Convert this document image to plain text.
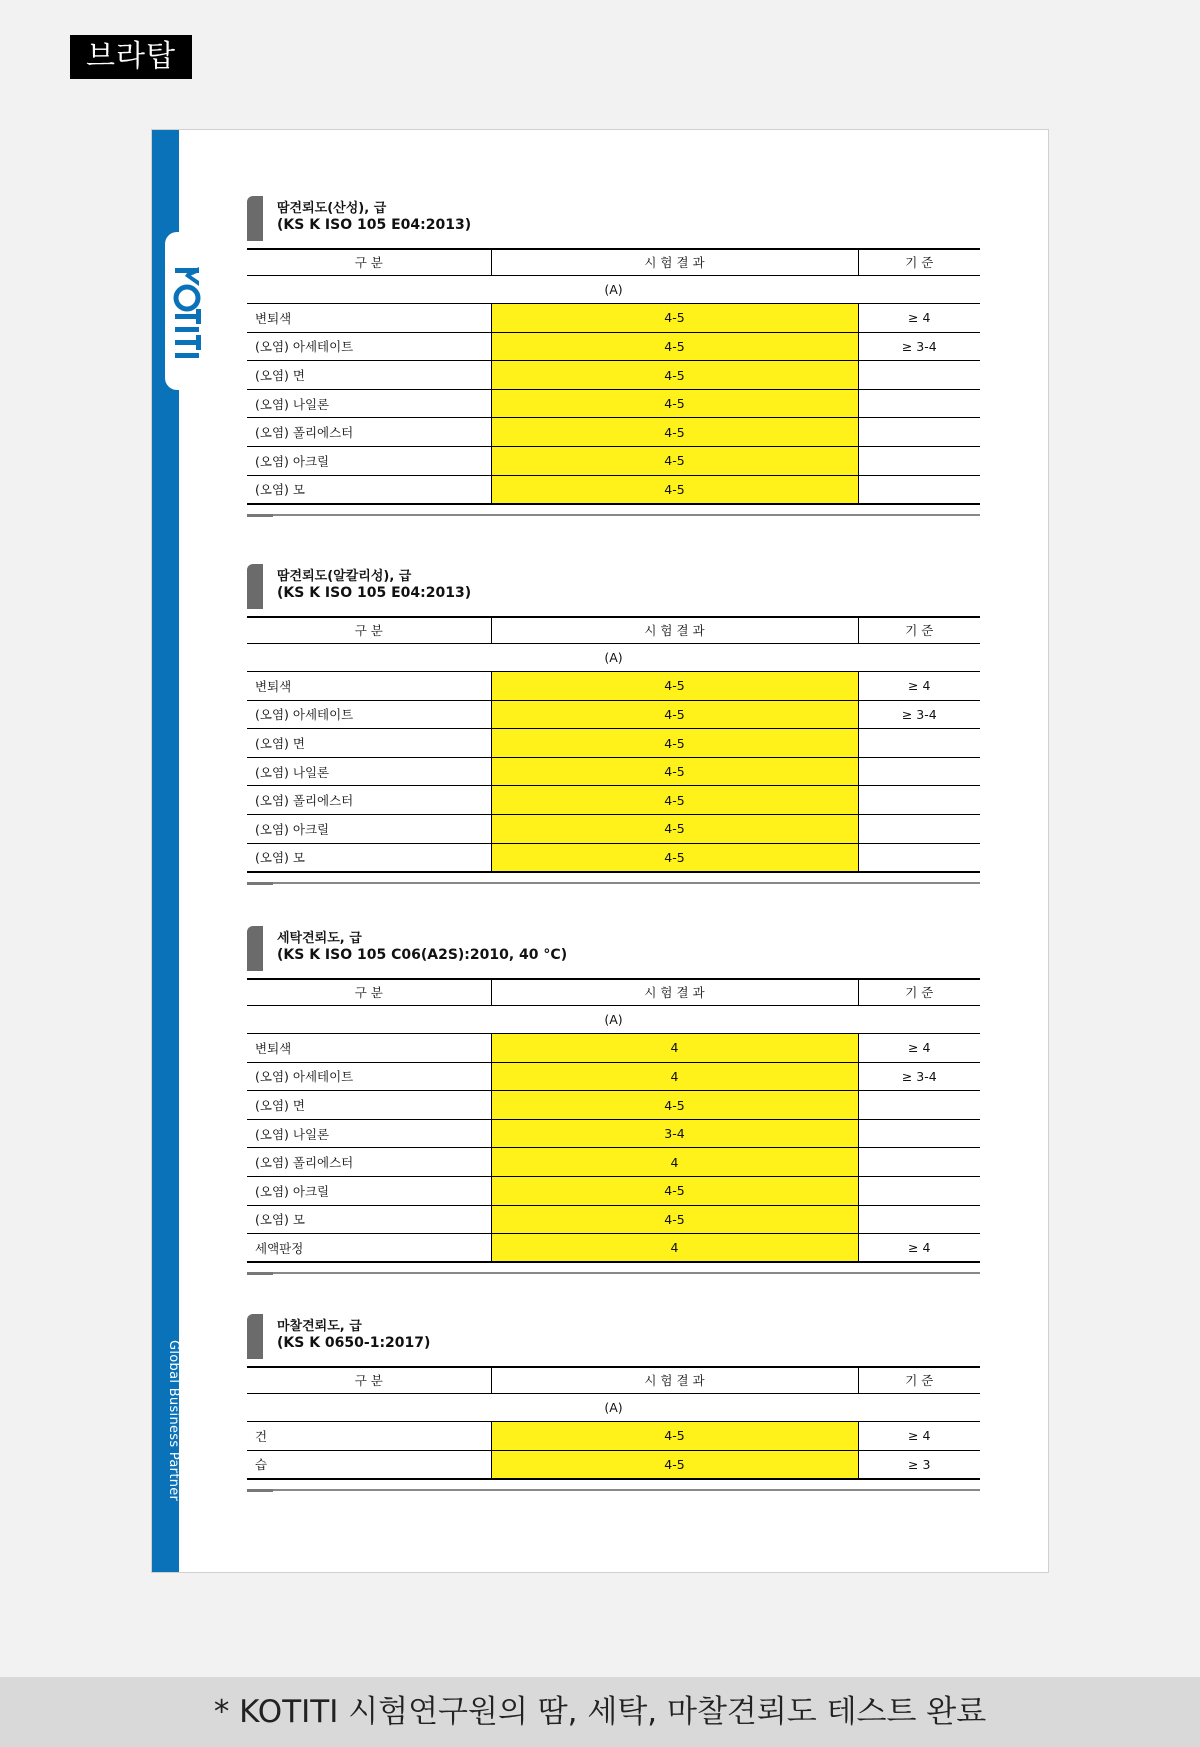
브라탑
Global Business Partner
땀견뢰도(산성), 급
(KS K ISO 105 E04:2013)
구 분	시 험 결 과	기 준
(A)		
변퇴색	4-5	≥ 4
(오염) 아세테이트	4-5	≥ 3-4
(오염) 면	4-5	
(오염) 나일론	4-5	
(오염) 폴리에스터	4-5	
(오염) 아크릴	4-5	
(오염) 모	4-5	
땀견뢰도(알칼리성), 급
(KS K ISO 105 E04:2013)
구 분	시 험 결 과	기 준
(A)		
변퇴색	4-5	≥ 4
(오염) 아세테이트	4-5	≥ 3-4
(오염) 면	4-5	
(오염) 나일론	4-5	
(오염) 폴리에스터	4-5	
(오염) 아크릴	4-5	
(오염) 모	4-5	
세탁견뢰도, 급
(KS K ISO 105 C06(A2S):2010, 40 °C)
구 분	시 험 결 과	기 준
(A)		
변퇴색	4	≥ 4
(오염) 아세테이트	4	≥ 3-4
(오염) 면	4-5	
(오염) 나일론	3-4	
(오염) 폴리에스터	4	
(오염) 아크릴	4-5	
(오염) 모	4-5	
세액판정	4	≥ 4
마찰견뢰도, 급
(KS K 0650-1:2017)
구 분	시 험 결 과	기 준
(A)		
건	4-5	≥ 4
습	4-5	≥ 3
* KOTITI 시험연구원의 땀, 세탁, 마찰견뢰도 테스트 완료
